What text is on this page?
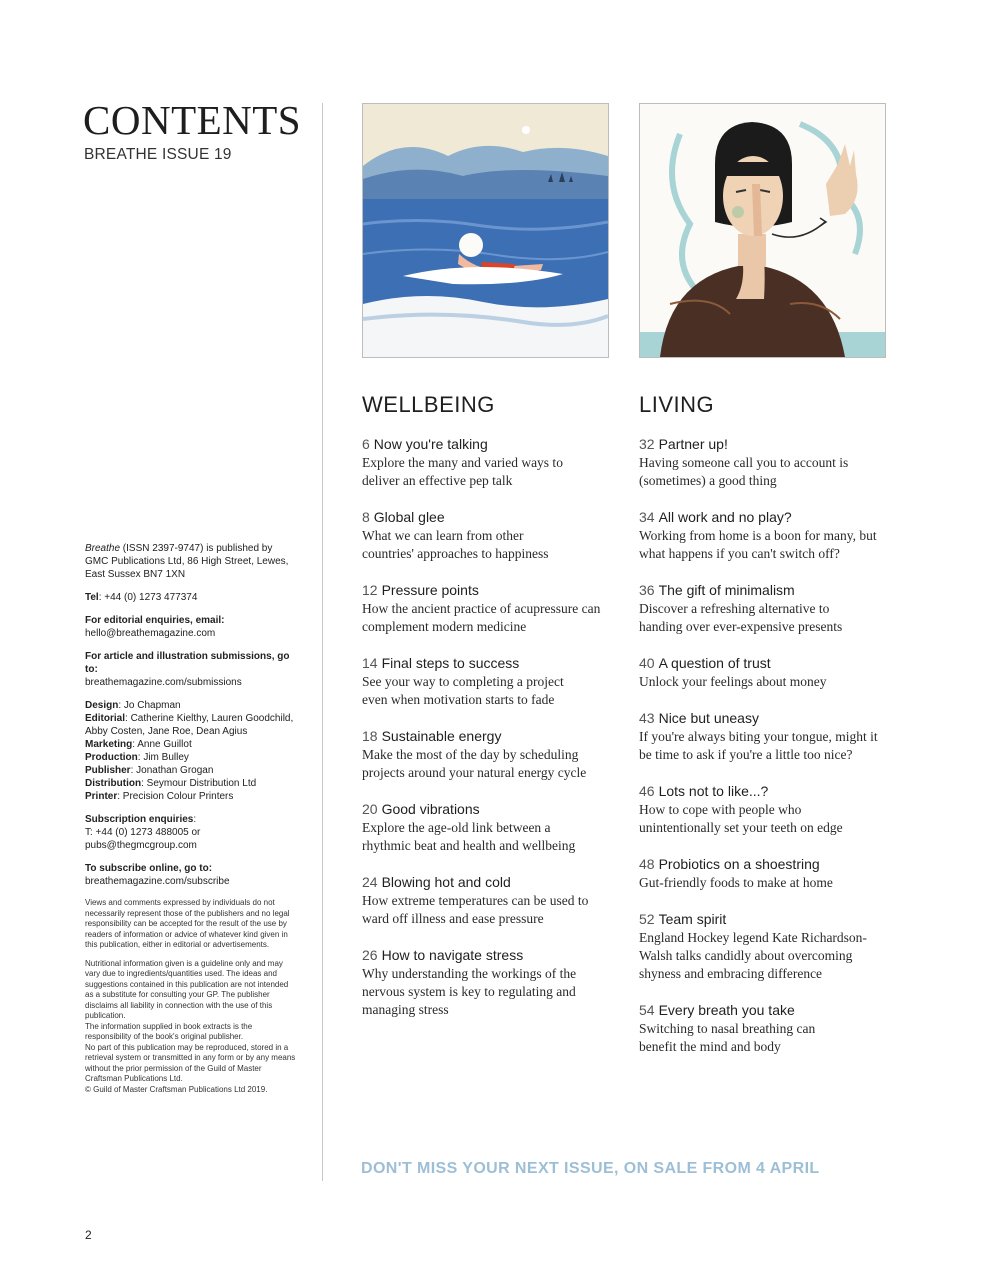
CONTENTS
BREATHE ISSUE 19

Breathe (ISSN 2397-9747) is published by GMC Publications Ltd, 86 High Street, Lewes, East Sussex BN7 1XN

Tel: +44 (0) 1273 477374

For editorial enquiries, email:
hello@breathemagazine.com

For article and illustration submissions, go to:
breathemagazine.com/submissions

Design: Jo Chapman
Editorial: Catherine Kielthy, Lauren Goodchild, Abby Costen, Jane Roe, Dean Agius
Marketing: Anne Guillot
Production: Jim Bulley
Publisher: Jonathan Grogan
Distribution: Seymour Distribution Ltd
Printer: Precision Colour Printers

Subscription enquiries:
T: +44 (0) 1273 488005 or pubs@thegmcgroup.com

To subscribe online, go to:
breathemagazine.com/subscribe

Views and comments expressed by individuals do not necessarily represent those of the publishers and no legal responsibility can be accepted for the result of the use by readers of information or advice of whatever kind given in this publication, either in editorial or advertisements.

Nutritional information given is a guideline only and may vary due to ingredients/quantities used. The ideas and suggestions contained in this publication are not intended as a substitute for consulting your GP. The publisher disclaims all liability in connection with the use of this publication.

The information supplied in book extracts is the responsibility of the book's original publisher.

No part of this publication may be reproduced, stored in a retrieval system or transmitted in any form or by any means without the prior permission of the Guild of Master Craftsman Publications Ltd.

© Guild of Master Craftsman Publications Ltd 2019.

WELLBEING
6 Now you're talking
Explore the many and varied ways to deliver an effective pep talk
8 Global glee
What we can learn from other countries' approaches to happiness
12 Pressure points
How the ancient practice of acupressure can complement modern medicine
14 Final steps to success
See your way to completing a project even when motivation starts to fade
18 Sustainable energy
Make the most of the day by scheduling projects around your natural energy cycle
20 Good vibrations
Explore the age-old link between a rhythmic beat and health and wellbeing
24 Blowing hot and cold
How extreme temperatures can be used to ward off illness and ease pressure
26 How to navigate stress
Why understanding the workings of the nervous system is key to regulating and managing stress
LIVING
32 Partner up!
Having someone call you to account is (sometimes) a good thing
34 All work and no play?
Working from home is a boon for many, but what happens if you can't switch off?
36 The gift of minimalism
Discover a refreshing alternative to handing over ever-expensive presents
40 A question of trust
Unlock your feelings about money
43 Nice but uneasy
If you're always biting your tongue, might it be time to ask if you're a little too nice?
46 Lots not to like...?
How to cope with people who unintentionally set your teeth on edge
48 Probiotics on a shoestring
Gut-friendly foods to make at home
52 Team spirit
England Hockey legend Kate Richardson-Walsh talks candidly about overcoming shyness and embracing difference
54 Every breath you take
Switching to nasal breathing can benefit the mind and body
DON'T MISS YOUR NEXT ISSUE, ON SALE FROM 4 APRIL
2
